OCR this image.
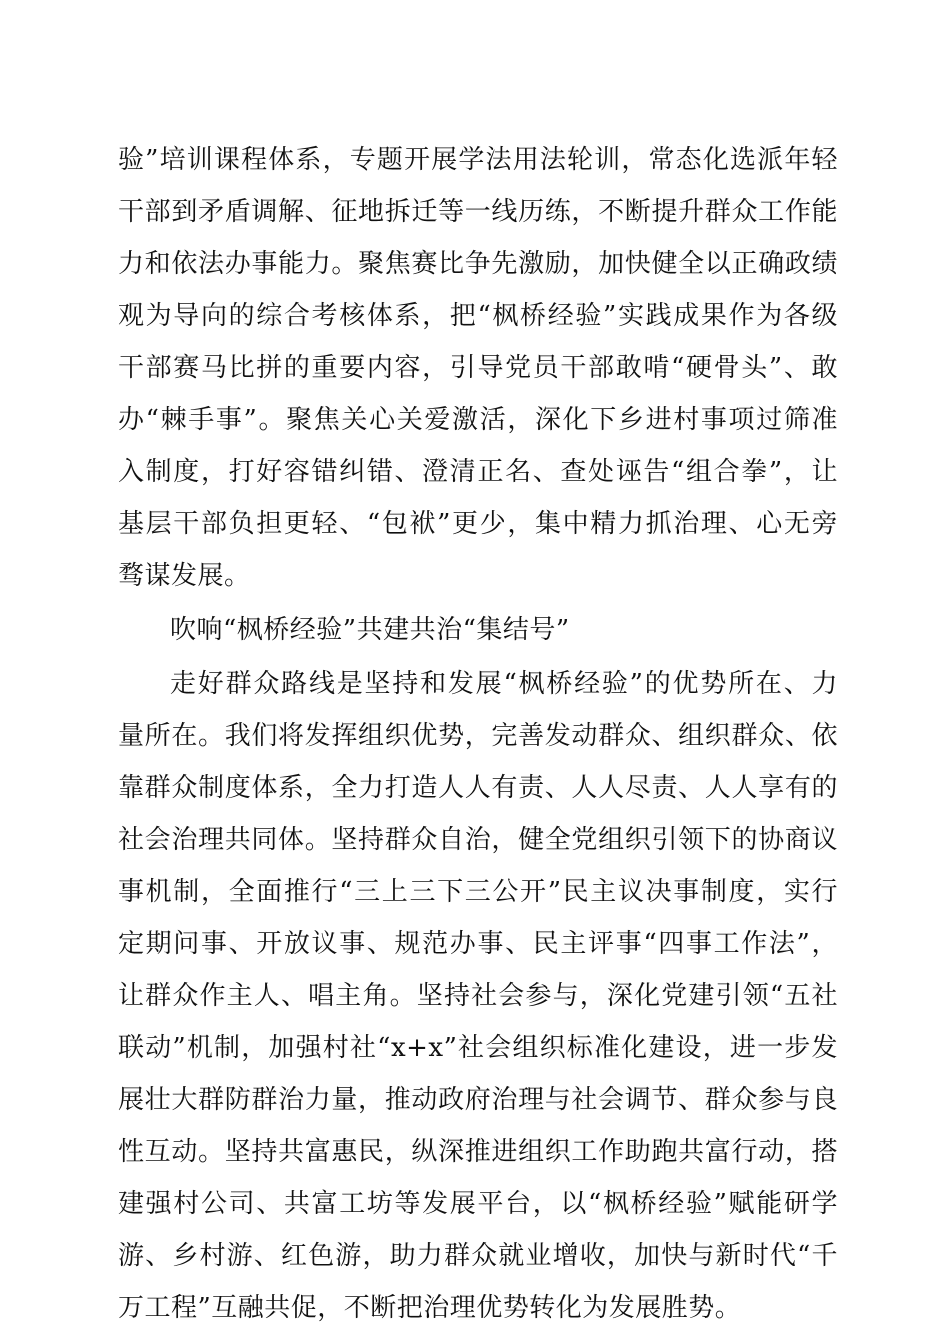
验”培训课程体系，专题开展学法用法轮训，常态化选派年轻
干部到矛盾调解、征地拆迁等一线历练，不断提升群众工作能
力和依法办事能力。聚焦赛比争先激励，加快健全以正确政绩
观为导向的综合考核体系，把“枫桥经验”实践成果作为各级
干部赛马比拼的重要内容，引导党员干部敢啃“硬骨头”、敢
办“棘手事”。聚焦关心关爱激活，深化下乡进村事项过筛准
入制度，打好容错纠错、澄清正名、查处诬告“组合拳”，让
基层干部负担更轻、“包袱”更少，集中精力抓治理、心无旁
骛谋发展。
吹响“枫桥经验”共建共治“集结号”
走好群众路线是坚持和发展“枫桥经验”的优势所在、力
量所在。我们将发挥组织优势，完善发动群众、组织群众、依
靠群众制度体系，全力打造人人有责、人人尽责、人人享有的
社会治理共同体。坚持群众自治，健全党组织引领下的协商议
事机制，全面推行“三上三下三公开”民主议决事制度，实行
定期问事、开放议事、规范办事、民主评事“四事工作法”，
让群众作主人、唱主角。坚持社会参与，深化党建引领“五社
联动”机制，加强村社“x+x”社会组织标准化建设，进一步发
展壮大群防群治力量，推动政府治理与社会调节、群众参与良
性互动。坚持共富惠民，纵深推进组织工作助跑共富行动，搭
建强村公司、共富工坊等发展平台，以“枫桥经验”赋能研学
游、乡村游、红色游，助力群众就业增收，加快与新时代“千
万工程”互融共促，不断把治理优势转化为发展胜势。
